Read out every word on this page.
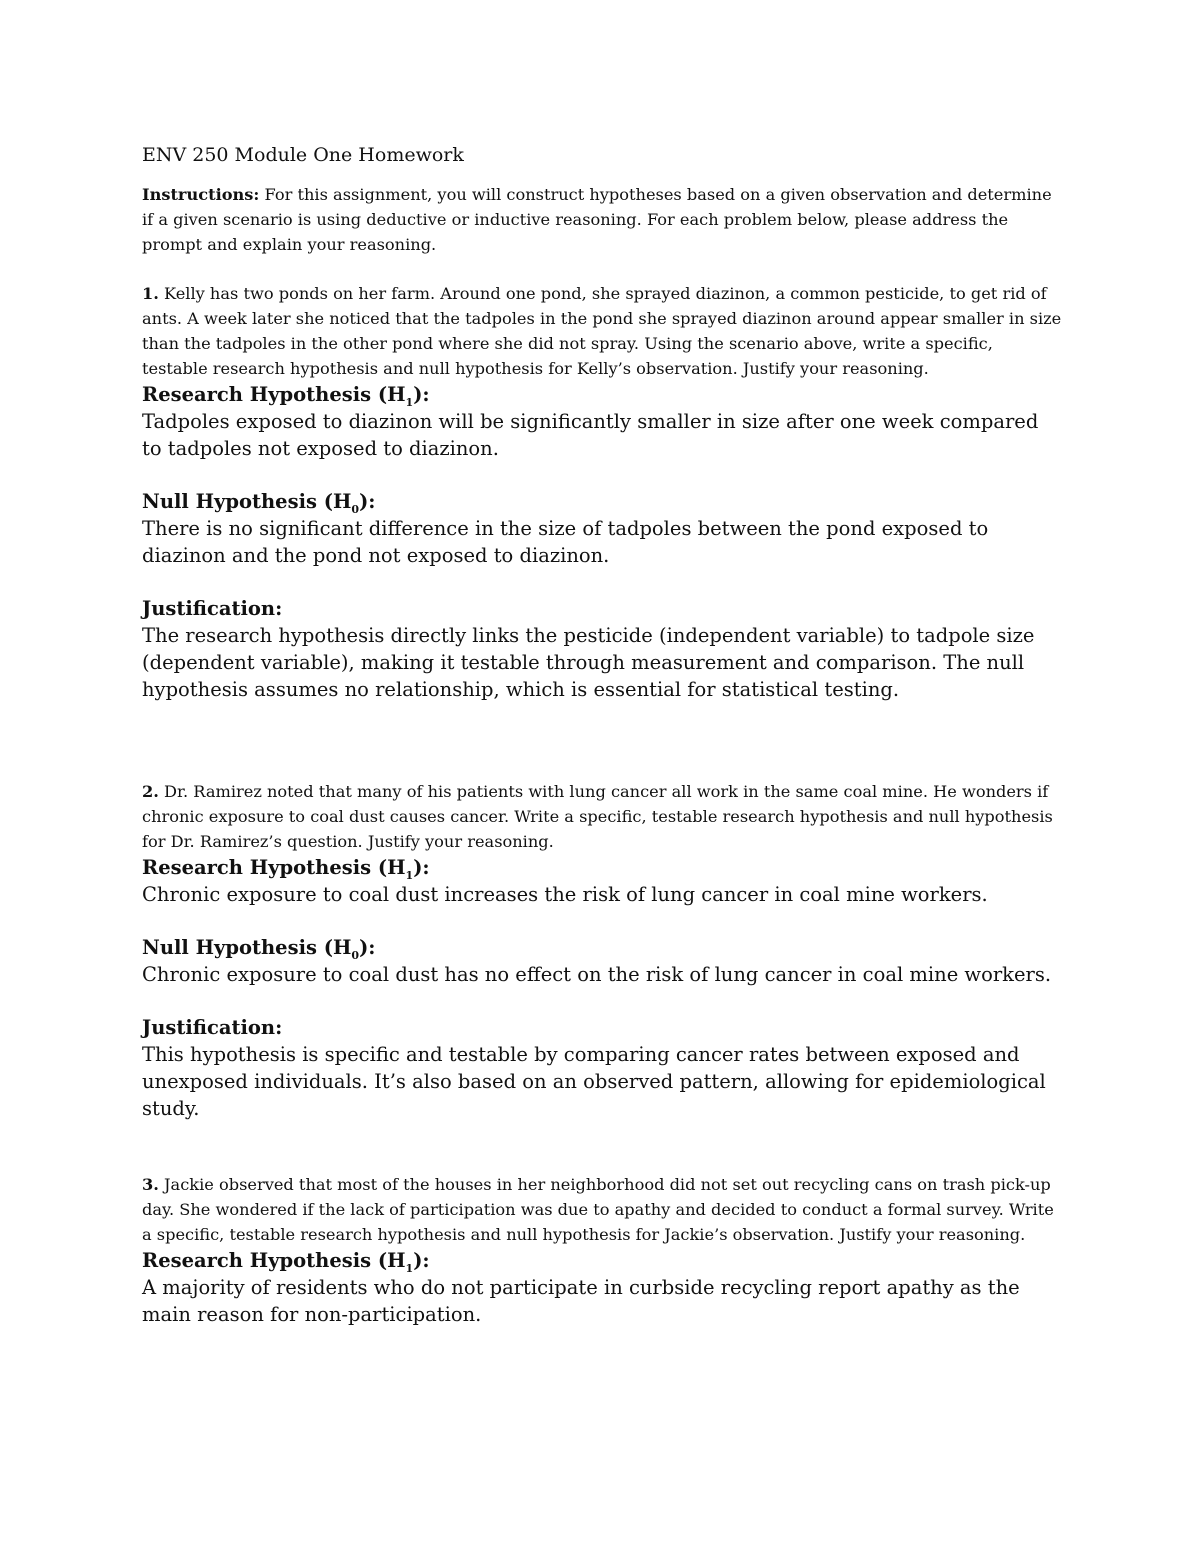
ENV 250 Module One Homework

Instructions: For this assignment, you will construct hypotheses based on a given observation and determine if a given scenario is using deductive or inductive reasoning. For each problem below, please address the prompt and explain your reasoning.

1. Kelly has two ponds on her farm. Around one pond, she sprayed diazinon, a common pesticide, to get rid of ants. A week later she noticed that the tadpoles in the pond she sprayed diazinon around appear smaller in size than the tadpoles in the other pond where she did not spray. Using the scenario above, write a specific, testable research hypothesis and null hypothesis for Kelly’s observation. Justify your reasoning.

Research Hypothesis $(H_1)$:

Tadpoles exposed to diazinon will be significantly smaller in size after one week compared to tadpoles not exposed to diazinon.

Null Hypothesis $(H_0)$:

There is no significant difference in the size of tadpoles between the pond exposed to diazinon and the pond not exposed to diazinon.

Justification:

The research hypothesis directly links the pesticide (independent variable) to tadpole size (dependent variable), making it testable through measurement and comparison. The null hypothesis assumes no relationship, which is essential for statistical testing.

2. Dr. Ramirez noted that many of his patients with lung cancer all work in the same coal mine. He wonders if chronic exposure to coal dust causes cancer. Write a specific, testable research hypothesis and null hypothesis for Dr. Ramirez’s question. Justify your reasoning.

Research Hypothesis $(H_1)$:

Chronic exposure to coal dust increases the risk of lung cancer in coal mine workers.

Null Hypothesis $(H_0)$:

Chronic exposure to coal dust has no effect on the risk of lung cancer in coal mine workers.

Justification:

This hypothesis is specific and testable by comparing cancer rates between exposed and unexposed individuals. It’s also based on an observed pattern, allowing for epidemiological study.

3. Jackie observed that most of the houses in her neighborhood did not set out recycling cans on trash pick-up day. She wondered if the lack of participation was due to apathy and decided to conduct a formal survey. Write a specific, testable research hypothesis and null hypothesis for Jackie’s observation. Justify your reasoning.

Research Hypothesis $(H_1)$:

A majority of residents who do not participate in curbside recycling report apathy as the main reason for non-participation.
